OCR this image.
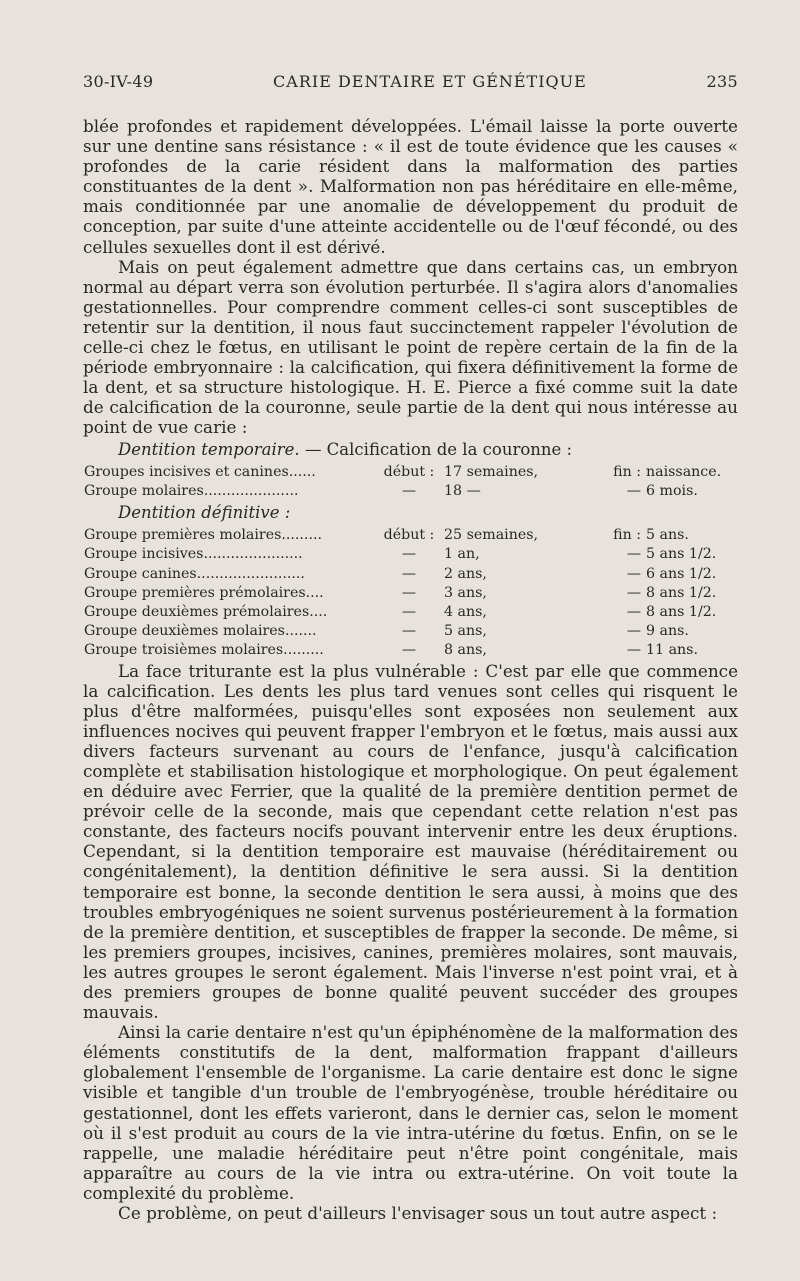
30-IV-49	CARIE DENTAIRE ET GÉNÉTIQUE	235

blée profondes et rapidement développées. L'émail laisse la porte ouverte sur une dentine sans résistance : « il est de toute évidence que les causes « profondes de la carie résident dans la malformation des parties constituantes de la dent ». Malformation non pas héréditaire en elle-même, mais conditionnée par une anomalie de développement du produit de conception, par suite d'une atteinte accidentelle ou de l'œuf fécondé, ou des cellules sexuelles dont il est dérivé.

Mais on peut également admettre que dans certains cas, un embryon normal au départ verra son évolution perturbée. Il s'agira alors d'anomalies gestationnelles. Pour comprendre comment celles-ci sont susceptibles de retentir sur la dentition, il nous faut succinctement rappeler l'évolution de celle-ci chez le fœtus, en utilisant le point de repère certain de la fin de la période embryonnaire : la calcification, qui fixera définitivement la forme de la dent, et sa structure histologique. H. E. Pierce a fixé comme suit la date de calcification de la couronne, seule partie de la dent qui nous intéresse au point de vue carie :

Dentition temporaire. — Calcification de la couronne :
Groupes incisives et canines......	début : 17 semaines,	fin : naissance.
Groupe molaires.....................	—	18 —	— 6 mois.
Dentition définitive :
Groupe premières molaires.........	début : 25 semaines,	fin : 5 ans.
Groupe incisives......................	—	1 an,	— 5 ans 1/2.
Groupe canines........................	—	2 ans,	— 6 ans 1/2.
Groupe premières prémolaires....	—	3 ans,	— 8 ans 1/2.
Groupe deuxièmes prémolaires....	—	4 ans,	— 8 ans 1/2.
Groupe deuxièmes molaires.......	—	5 ans,	— 9 ans.
Groupe troisièmes molaires.........	—	8 ans,	— 11 ans.

La face triturante est la plus vulnérable : C'est par elle que commence la calcification. Les dents les plus tard venues sont celles qui risquent le plus d'être malformées, puisqu'elles sont exposées non seulement aux influences nocives qui peuvent frapper l'embryon et le fœtus, mais aussi aux divers facteurs survenant au cours de l'enfance, jusqu'à calcification complète et stabilisation histologique et morphologique. On peut également en déduire avec Ferrier, que la qualité de la première dentition permet de prévoir celle de la seconde, mais que cependant cette relation n'est pas constante, des facteurs nocifs pouvant intervenir entre les deux éruptions. Cependant, si la dentition temporaire est mauvaise (héréditairement ou congénitalement), la dentition définitive le sera aussi. Si la dentition temporaire est bonne, la seconde dentition le sera aussi, à moins que des troubles embryogéniques ne soient survenus postérieurement à la formation de la première dentition, et susceptibles de frapper la seconde. De même, si les premiers groupes, incisives, canines, premières molaires, sont mauvais, les autres groupes le seront également. Mais l'inverse n'est point vrai, et à des premiers groupes de bonne qualité peuvent succéder des groupes mauvais.

Ainsi la carie dentaire n'est qu'un épiphénomène de la malformation des éléments constitutifs de la dent, malformation frappant d'ailleurs globalement l'ensemble de l'organisme. La carie dentaire est donc le signe visible et tangible d'un trouble de l'embryogénèse, trouble héréditaire ou gestationnel, dont les effets varieront, dans le dernier cas, selon le moment où il s'est produit au cours de la vie intra-utérine du fœtus. Enfin, on se le rappelle, une maladie héréditaire peut n'être point congénitale, mais apparaître au cours de la vie intra ou extra-utérine. On voit toute la complexité du problème.

Ce problème, on peut d'ailleurs l'envisager sous un tout autre aspect :
